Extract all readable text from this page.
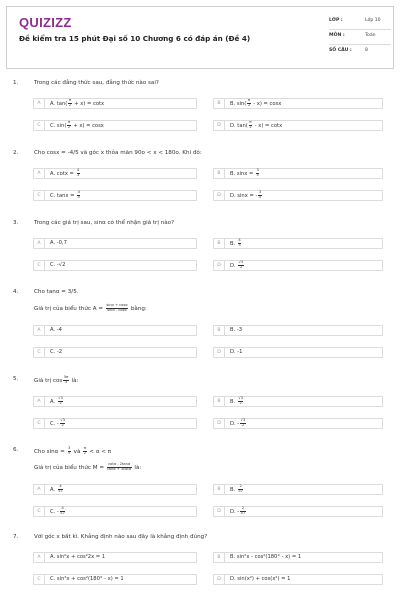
QUIZIZZ
Đề kiểm tra 15 phút Đại số 10 Chương 6 có đáp án (Đề 4)
LỚP :	Lớp 10
MÔN :	Toán
SỐ CÂU :	8
1.	Trong các đẳng thức sau, đẳng thức nào sai?
A	A. $\tan( \frac{\pi}{2} + x) = \cot x$	B	B. $\sin( \frac{\pi}{2} - x) = \cos x$
C	C. $\sin( \frac{\pi}{2} + x) = \cos x$	D	D. $\tan( \frac{\pi}{2} - x) = \cot x$
2.	Cho cosx = -4/5 và góc x thỏa mãn 90o < x < 180o. Khi đó:
A	A. $\cot x = \frac{4}{3}$	B	B. $\sin x = \frac{3}{5}$
C	C. $\tan x = \frac{4}{5}$	D	D. sinx = - $\frac{3}{5}$
3.	Trong các giá trị sau, sinα có thể nhận giá trị nào?
A	A. -0,7	B	B. $\frac{4}{3}$
C	C. -√2	D	D. $\frac{√5}{2}$
4.	Cho tanα = 3/5.
Giá trị của biểu thức $A = \frac{\sin\alpha + \cos\alpha}{\sin\alpha - \cos\alpha}$ bằng:
A	A. -4	B	B. -3
C	C. -2	D	D. -1
5.	Giá trị $\cos \frac{5\pi}{3}$ là:
A	A. $\frac{√3}{2}$	B	B. $\frac{√3}{2}$
C	C. - $\frac{√3}{2}$	D	D. - $\frac{√3}{2}$
6.	Cho $\sin\alpha = \frac{3}{5}$ và $\frac{\pi}{2} < \alpha < \pi$
Giá trị của biểu thức $M = \frac{\cot\alpha - 2\tan\alpha}{\tan\alpha + 3\cot\alpha}$ là:
A	A. $\frac{4}{57}$	B	B. $\frac{2}{57}$
C	C. - $\frac{4}{57}$	D	D. - $\frac{2}{57}$
7.	Với góc x bất kì. Khẳng định nào sau đây là khẳng định đúng?
A	A. sin²x + cos²2x = 1	B	B. sin²x - cos²(180° - x) = 1
C	C. sin²x + cos²(180° - x) = 1	D	D. sin(x²) + cos(x²) = 1
